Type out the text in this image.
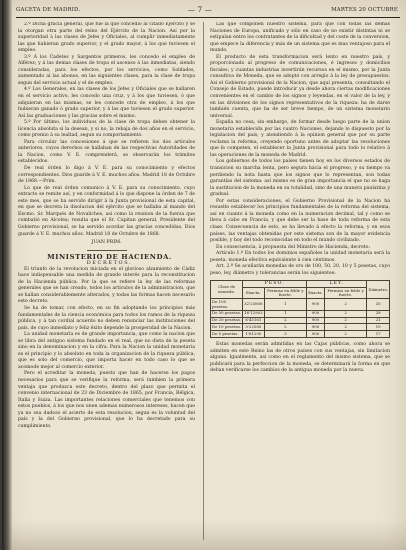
GACETA DE MADRID.	— 7 —	MARTES 20 OCTUBRE

2.º Dicha gracia general, que fué la que concedió al citado Ejército y se la otorgan otra parte del reino del Ejército de la Nacion. Así por la superioridad à las clases de Jefes y Oficiales, al cumplir inmediatamente las que hubieran grado superior, y el grado mayor, á los que tuviesen el empleo.

3.º Á los Cadetes y Sargentos primeros, les concedo el empleo de Alférez; y á las demas clases de tropa el ascenso á las inmediatas, siendo consideradas, para los efectos, por los servicios, como Soldados, aumentado al las abonos, en las siguientes clases, para la clase de tropa segun del servicio actual y el de empleo.

4.º Los Generales, en las clases de los Jefes y Oficiales que se hallaren en el servicio activo, les concedo una cruz, y á los que tuviesen, ó que adquieran en las mismas, se les concede otra de empleo, á los que hubieran ganado ó grado superior, y á las que tuviesen el grado superior. Así las graduaciones y las gracias sobre el mismo.

5.º Por último, los individuos de la clase de tropa deben obtener la licencia absoluta si la desean, y si no, la rebaja de dos años en el servicio, como premio á su lealtad, segun su comportamiento.

Para circular las concesiones á que se refieren los dos artículos anteriores, cuyos derechos se hallaban de las respectivas Autoridades de la Nacion, como V. E. comprenderá, se observarán los trámites establecidos.

De real órden lo digo á V. E. para su conocimiento y efectos correspondientes. Dios guarde á V. E. muchos años. Madrid 18 de Octubre de 1868.—Prim.

Lo que de real órden comunico á V. E. para su conocimiento, cuyo extracto se remite así, y en conformidad á lo que dispone la órden de 7 de este mes, que se ha servido dirigir á la Junta provisional de esta capital, en que se decreta la disolucion del ejército que se hallaba al mando del Excmo. Sr. Marqués de Novaliches, así como la reunion de la fuerza que combatió en Alcolea; resulta que el Sr. Capitan general, Presidente del Gobierno provisional, se ha servido acordar las gracias concedidas. Dios guarde á V. E. muchos años. Madrid 18 de Octubre de 1868.

JUAN PRIM.

MINISTERIO DE HACIENDA.

DECRETOS.

El triunfo de la revolucion iniciada en el glorioso alzamiento de Cádiz hace indispensable una medida de grande interés para la reconstitucion de la Hacienda pública. Por la que se refiere la ley de las reformas generales que se han creado, todos los artículos de la administracion, que se hallan considerablemente alterados, y todas las formas hacen necesario este decreto.

Se ha de tomar, con efecto, en su fin adoptando los principios más fundamentales de la ciencia económica para todos los ramos de la riqueza pública, y á tan cordial acuerdo no deben renunciar las instituciones del país, de cuyo inmediato y feliz éxito depende la prosperidad de la Nacion.

La unidad monetaria es de grande importancia, que como la nacion que se libra del antiguo sistema fundado en el real, que no dista de la peseta sino en la denominacion y en la cifra. Para la Nacion la unidad monetaria es el principio y lo absoluto en toda la organizacion de la riqueza pública, que es solo del comercio, que importa hacer en todo caso lo que se acomode mejor al comercio exterior.

Pero el acreditar la moneda, puesto que han de hacerse los pagos necesarios para que se verifique la reforma, será tambien la primera ventaja que produzca este decreto, dentro del plazo que permita el convenio internacional de 23 de Diciembre de 1865, por Francia, Bélgica, Italia y Suiza. Las importantes relaciones comerciales que tenemos con estos pueblos, á los que nos unen ademas numerosos intereses, hacen que ya no sea dudoso el acierto de esta resolucion, segun es la voluntad del país y la del Gobierno provisional, que lo ha decretado para su cumplimiento.

Las que componen nuestro sistema, para que con todas las demas Naciones de Europa, unificado y sólo en caso de no existir distintas ni se estipulan entre los contratantes de la dificultad y del coste de la conversion, que empece la diferencia y más de un sistema que es mas ventajoso para el mundo.

El producto de esta transformacion será lento en nuestro país, y proporcionado al progreso de comunicaciones, é ingresos y domicilios fiscales; y cuantas industrias invertirán recursos en el mismo, por la Junta consultiva de Moneda, que se adoptó con arreglo á la ley de presupuestos. Así el Gobierno provisional de la Nacion, que aquí presenta, consultando el Consejo de Estado, puede introducir ya desde ahora ciertas modificaciones convenientes en el cambio de los signos y leyendas, en el valor de la ley, y en las divisiones de los signos representativos de la riqueza: ha de darse también cuenta, que ha de ser breve tiempo, de un sistema monetario universal.

España no cesa, sin embargo, de formar desde luego parte de la union monetaria establecida por las cuatro Naciones, dejando lo dispuesto por la legislacion del país; y atendiendo á la opinion general que por su parte reclama la reforma, creyendo oportuno antes de adoptar las resoluciones que le competen, el establecer la Junta provisional para todo lo relativo á las operaciones de la moneda de Madrid.

Los gobiernos de todos los países tienen hoy en los diversos estados de transicion su marcha lenta, pero segura hácia el progreso, y su tiempo va perdiendo la nota hasta que los signos que lo representan, son todas garantías del sistema: así mismo es de gran importancia el que no se haga la sustitucion de la moneda en su totalidad, sino de una manera paulatina y gradual.

Por estas consideraciones, el Gobierno Provisional de la Nacion ha resuelto establecer los principios fundamentales de la reforma del sistema, así en cuanto á la moneda como en la numeracion decimal, tal y como se lleva á cabo en Francia, y que debe ser la base de toda reforma de esta clase. Consecuencia de esto, se ha llevado á efecto la reforma, y en esos países, las ventajas obtenidas por este sistema son de la mayor evidencia posible, y hoy del todo reconocidas en todo el mundo civilizado.

En consecuencia, á propuesta del Ministro de Hacienda, decreto:

Artículo 1.º En todos los dominios españoles la unidad monetaria será la peseta, moneda efectiva equivalente á cien céntimos.

Art. 2.º Se acuñarán monedas de oro de 100, 50, 20, 10 y 5 pesetas, cuyo peso, ley, diámetro y tolerancias serán los siguientes:

Clase de moneda.	PESO.		LEY.		Diámetro.
	Exacta.	Permiso en feble y fuerte.	Exacta.	Permiso en feble y fuerte.	
De 100 pesetas.	32'25806	1	900	2	35
De 50 pesetas.	16'12903	1	900	2	28
De 20 pesetas.	6'45161	2	900	2	21
De 10 pesetas.	3'22580	2	900	2	19
De 5 pesetas.	1'61290	3	900	2	17

Estas monedas serán admitidas en las Cajas públicas, como ahora se admiten en este Reino las de otros países con sus ventajas, sin limitacion alguna. Igualmente, así como en el reglamento del mismo sistema, que se publicará para la perfeccion de la moneda, se determinará la forma en que deban verificarse los cambios de la antigua moneda por la nueva.
